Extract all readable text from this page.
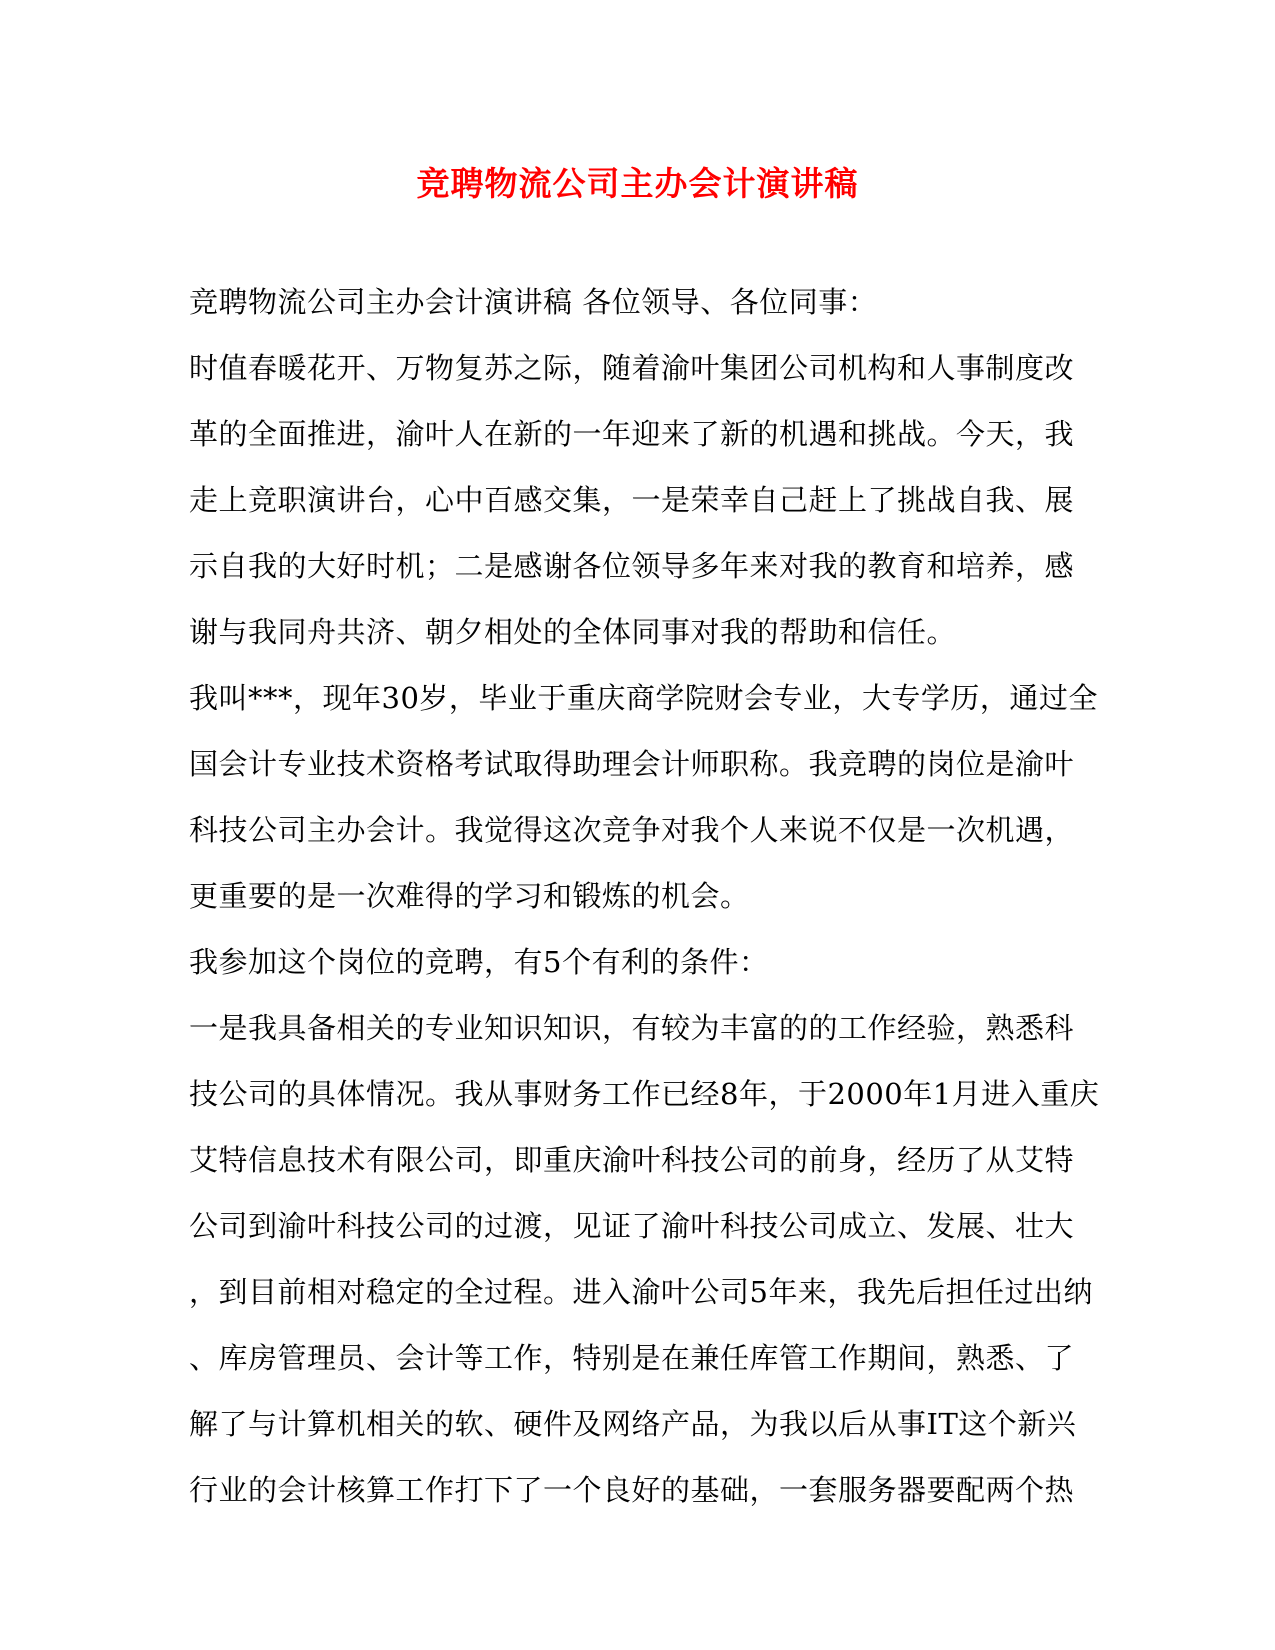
竞聘物流公司主办会计演讲稿
竞聘物流公司主办会计演讲稿 各位领导、各位同事：
时值春暖花开、万物复苏之际，随着渝叶集团公司机构和人事制度改
革的全面推进，渝叶人在新的一年迎来了新的机遇和挑战。今天，我
走上竞职演讲台，心中百感交集，一是荣幸自己赶上了挑战自我、展
示自我的大好时机；二是感谢各位领导多年来对我的教育和培养，感
谢与我同舟共济、朝夕相处的全体同事对我的帮助和信任。
我叫***，现年30岁，毕业于重庆商学院财会专业，大专学历，通过全
国会计专业技术资格考试取得助理会计师职称。我竞聘的岗位是渝叶
科技公司主办会计。我觉得这次竞争对我个人来说不仅是一次机遇，
更重要的是一次难得的学习和锻炼的机会。
我参加这个岗位的竞聘，有5个有利的条件：
一是我具备相关的专业知识知识，有较为丰富的的工作经验，熟悉科
技公司的具体情况。我从事财务工作已经8年，于2000年1月进入重庆
艾特信息技术有限公司，即重庆渝叶科技公司的前身，经历了从艾特
公司到渝叶科技公司的过渡，见证了渝叶科技公司成立、发展、壮大
，到目前相对稳定的全过程。进入渝叶公司5年来，我先后担任过出纳
、库房管理员、会计等工作，特别是在兼任库管工作期间，熟悉、了
解了与计算机相关的软、硬件及网络产品，为我以后从事IT这个新兴
行业的会计核算工作打下了一个良好的基础，一套服务器要配两个热
